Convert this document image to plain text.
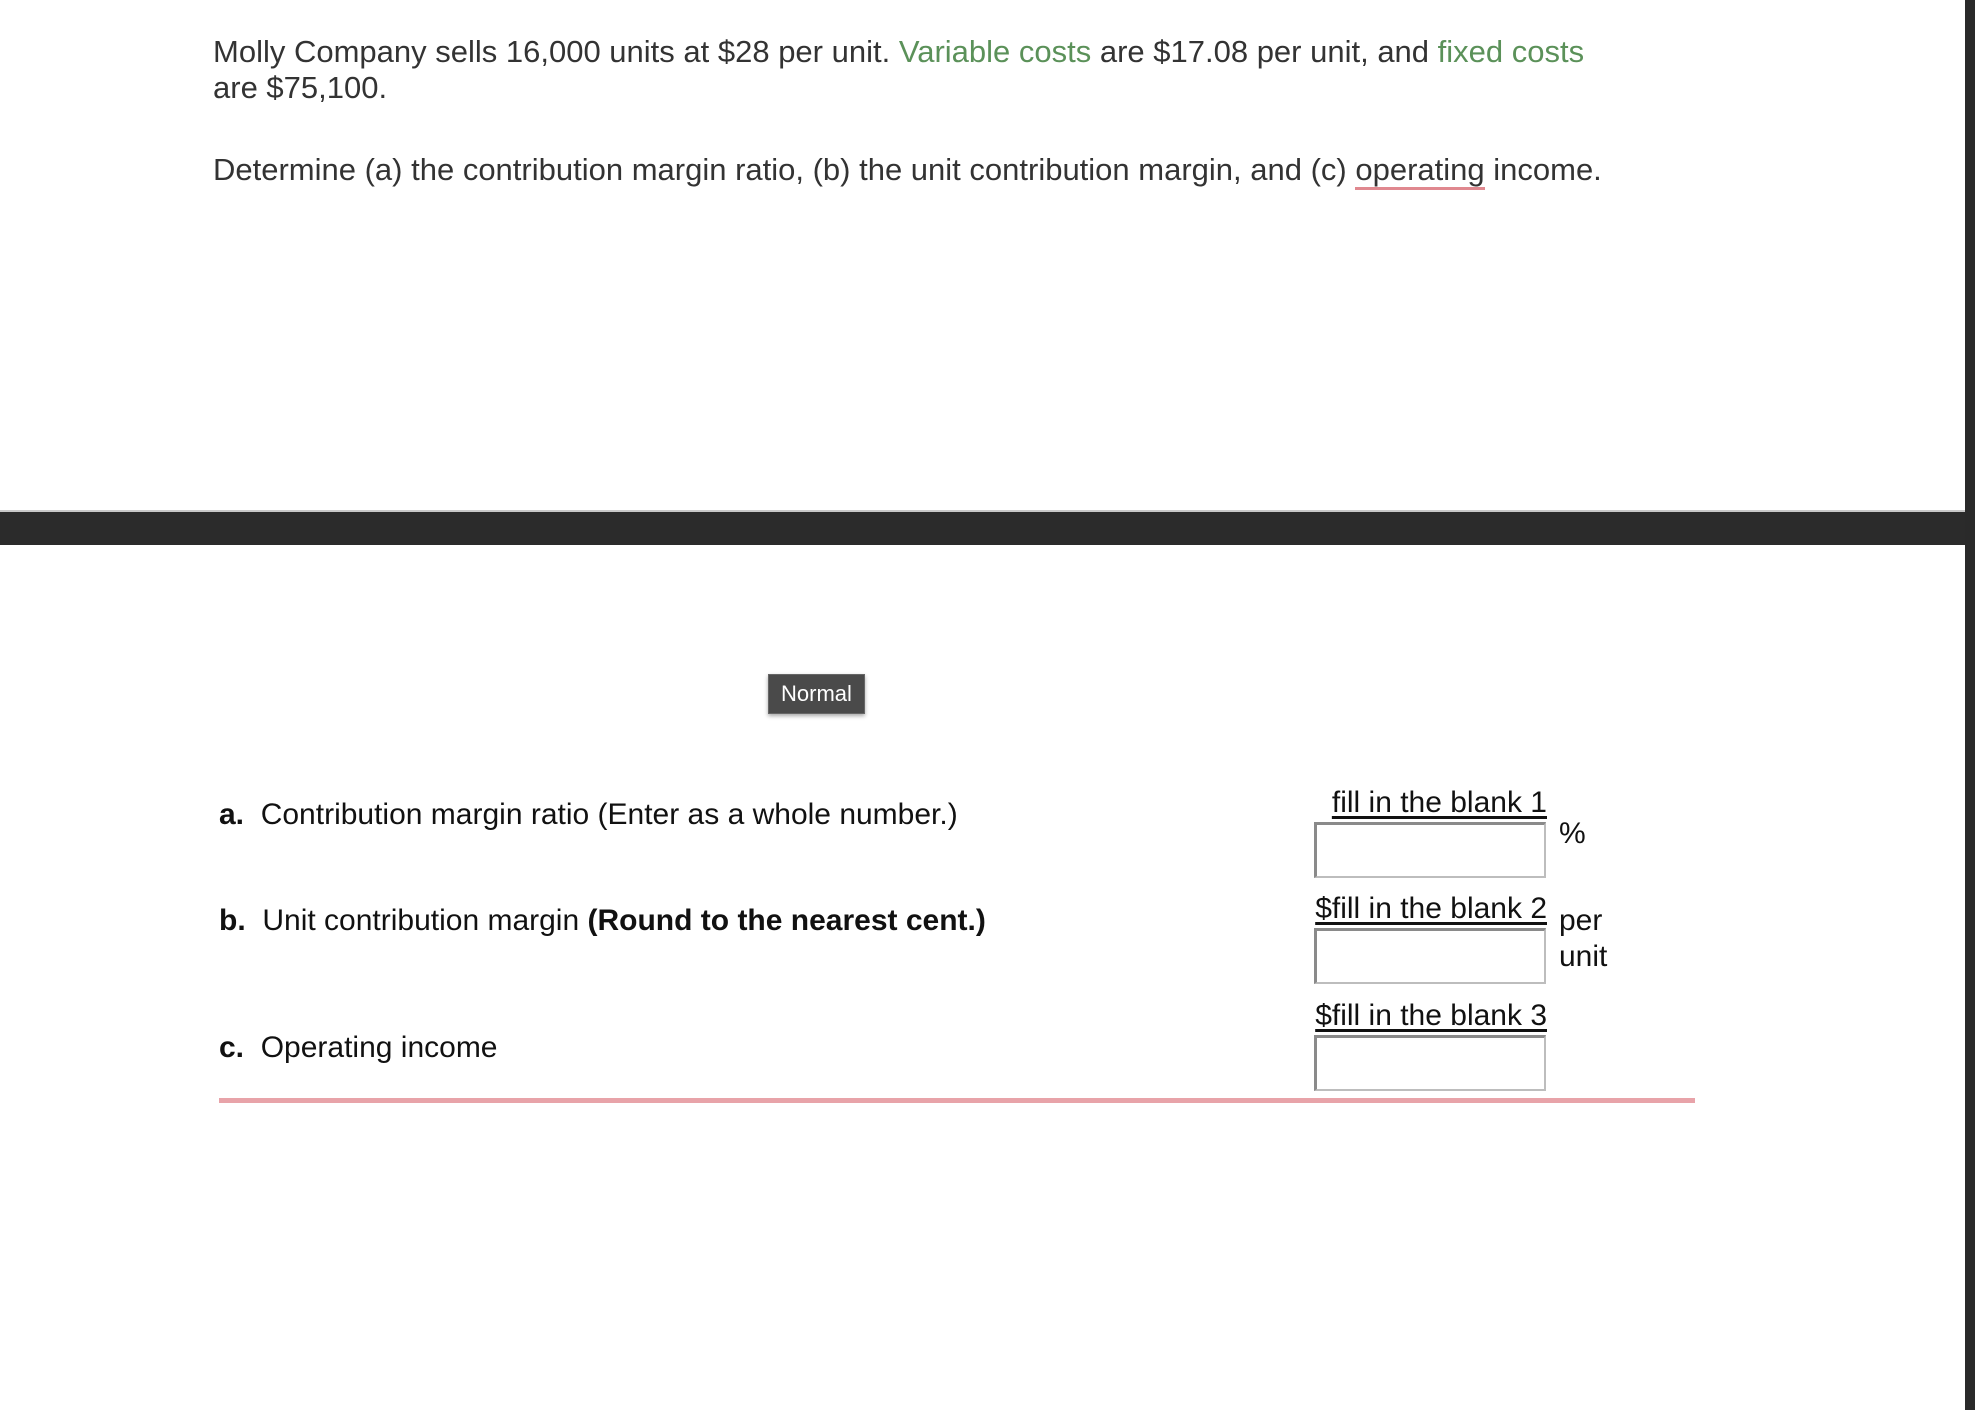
Molly Company sells 16,000 units at $28 per unit. Variable costs are $17.08 per unit, and fixed costs are $75,100.
Determine (a) the contribution margin ratio, (b) the unit contribution margin, and (c) operating income.
Normal
a. Contribution margin ratio (Enter as a whole number.)	fill in the blank 1
%
b. Unit contribution margin (Round to the nearest cent.)	$fill in the blank 2 per unit
c. Operating income
$fill in the blank 3
